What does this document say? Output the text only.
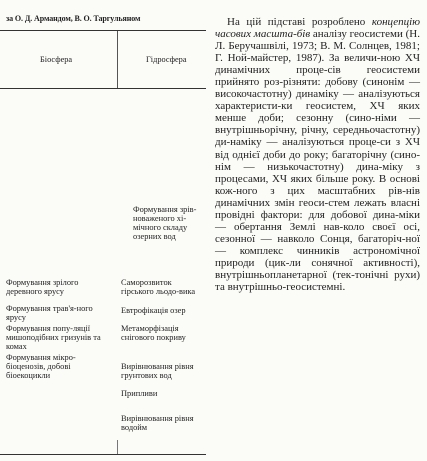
за О. Д. Армандом, В. О. Таргульяном
Біосфера	Гідросфера
Формування зрілого деревного ярусу
Формування трав'я-ного ярусу
Формування попу-ляції мишоподібних гризунів та комах
Формування мікро-біоценозів, добові біоекоцикли
Формування зрів-новаженого хі-мічного складу озерних вод
Саморозвиток гірського льодо-вика
Евтрофікація озер
Метаморфізація снігового покриву
Вирівнювання рівня грунтових вод
Припливи
Вирівнювання рівня водойм

На цій підставі розроблено концепцію часових масшта-бів аналізу геосистеми (Н. Л. Беручашвілі, 1973; В. М. Солнцев, 1981; Г. Ной-майстер, 1987). За величи-ною ХЧ динамічних проце-сів геосистеми прийнято роз-різняти: добову (синонім — високочастотну) динаміку — аналізуються характеристи-ки геосистем, ХЧ яких менше доби; сезонну (сино-німи — внутрішньорічну, річну, середньочастотну) ди-наміку — аналізуються проце-си з ХЧ від однієї доби до року; багаторічну (сино-нім — низькочастотну) дина-міку з процесами, ХЧ яких більше року. В основі кож-ного з цих масштабних рів-нів динамічних змін геоси-стем лежать власні провідні фактори: для добової дина-міки — обертання Землі нав-коло своєї осі, сезонної — навколо Сонця, багаторіч-ної — комплекс чинників астрономічної природи (цик-ли сонячної активності), внутрішньопланетарної (тек-тонічні рухи) та внутрішньо-геосистемні.
